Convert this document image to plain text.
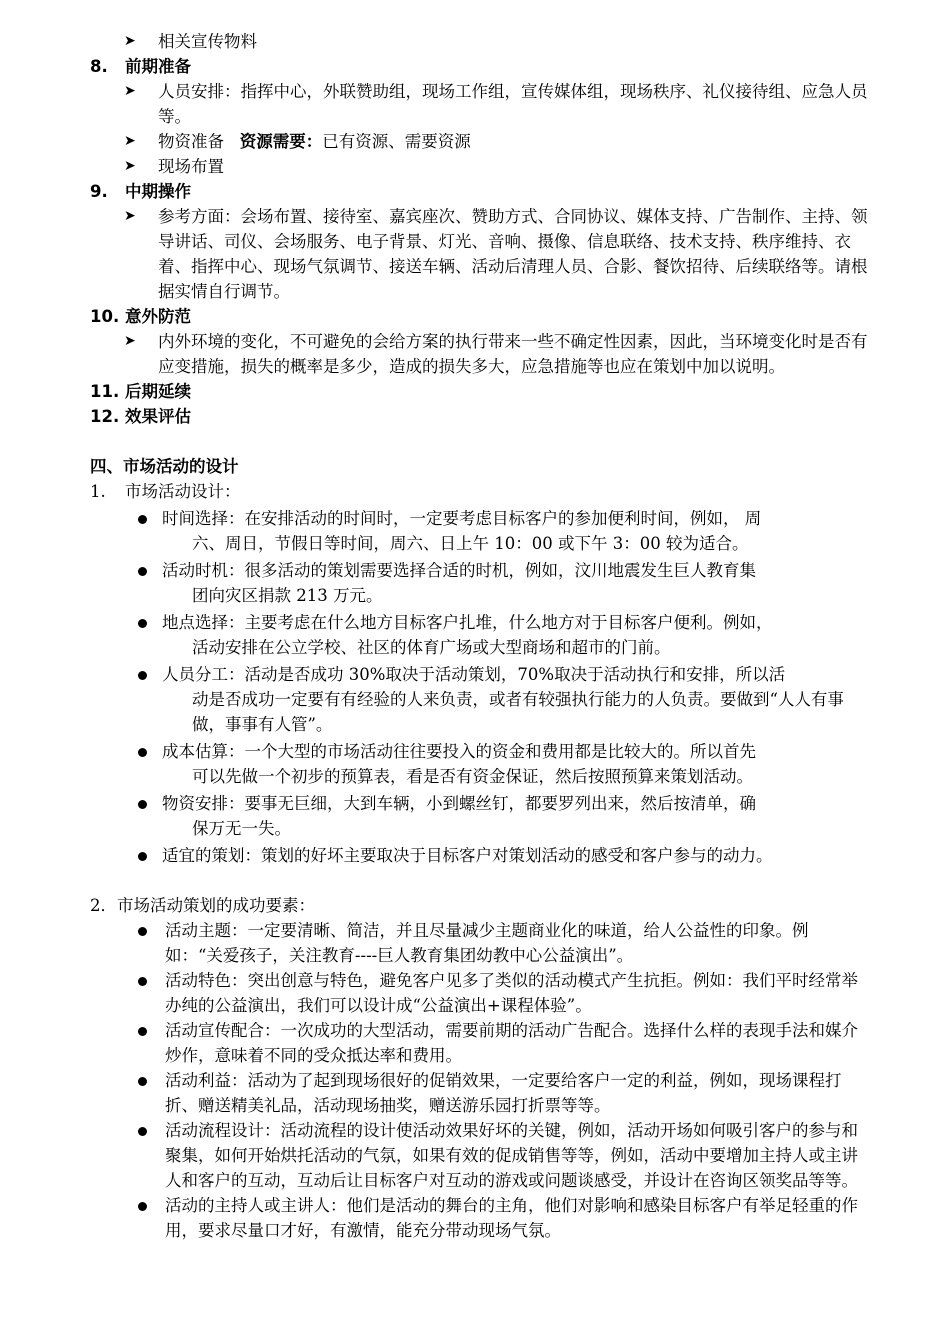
➤	相关宣传物料
8. 前期准备
➤	人员安排：指挥中心，外联赞助组，现场工作组，宣传媒体组，现场秩序、礼仪接待组、应急人员等。
➤	物资准备 资源需要：已有资源、需要资源
➤	现场布置
9. 中期操作
➤	参考方面：会场布置、接待室、嘉宾座次、赞助方式、合同协议、媒体支持、广告制作、主持、领导讲话、司仪、会场服务、电子背景、灯光、音响、摄像、信息联络、技术支持、秩序维持、衣着、指挥中心、现场气氛调节、接送车辆、活动后清理人员、合影、餐饮招待、后续联络等。请根据实情自行调节。
10. 意外防范
➤	内外环境的变化，不可避免的会给方案的执行带来一些不确定性因素，因此，当环境变化时是否有应变措施，损失的概率是多少，造成的损失多大，应急措施等也应在策划中加以说明。
11. 后期延续
12. 效果评估
四、市场活动的设计
1. 市场活动设计：
时间选择：在安排活动的时间时，一定要考虑目标客户的参加便利时间，例如， 周
六、周日，节假日等时间，周六、日上午 10：00 或下午 3：00 较为适合。
活动时机：很多活动的策划需要选择合适的时机，例如，汶川地震发生巨人教育集
团向灾区捐款 213 万元。
地点选择：主要考虑在什么地方目标客户扎堆，什么地方对于目标客户便利。例如，
活动安排在公立学校、社区的体育广场或大型商场和超市的门前。
人员分工：活动是否成功 30%取决于活动策划，70%取决于活动执行和安排，所以活
动是否成功一定要有有经验的人来负责，或者有较强执行能力的人负责。要做到“人人有事做，事事有人管”。
成本估算：一个大型的市场活动往往要投入的资金和费用都是比较大的。所以首先
可以先做一个初步的预算表，看是否有资金保证，然后按照预算来策划活动。
物资安排：要事无巨细，大到车辆，小到螺丝钉，都要罗列出来，然后按清单，确
保万无一失。
适宜的策划：策划的好坏主要取决于目标客户对策划活动的感受和客户参与的动力。
2．市场活动策划的成功要素：
活动主题：一定要清晰、简洁，并且尽量减少主题商业化的味道，给人公益性的印象。例如：“关爱孩子，关注教育----巨人教育集团幼教中心公益演出”。
活动特色：突出创意与特色，避免客户见多了类似的活动模式产生抗拒。例如：我们平时经常举办纯的公益演出，我们可以设计成“公益演出+课程体验”。
活动宣传配合：一次成功的大型活动，需要前期的活动广告配合。选择什么样的表现手法和媒介炒作，意味着不同的受众抵达率和费用。
活动利益：活动为了起到现场很好的促销效果，一定要给客户一定的利益，例如，现场课程打折、赠送精美礼品，活动现场抽奖，赠送游乐园打折票等等。
活动流程设计：活动流程的设计使活动效果好坏的关键，例如，活动开场如何吸引客户的参与和聚集，如何开始烘托活动的气氛，如果有效的促成销售等等，例如，活动中要增加主持人或主讲人和客户的互动，互动后让目标客户对互动的游戏或问题谈感受，并设计在咨询区领奖品等等。
活动的主持人或主讲人：他们是活动的舞台的主角，他们对影响和感染目标客户有举足轻重的作用，要求尽量口才好，有激情，能充分带动现场气氛。
